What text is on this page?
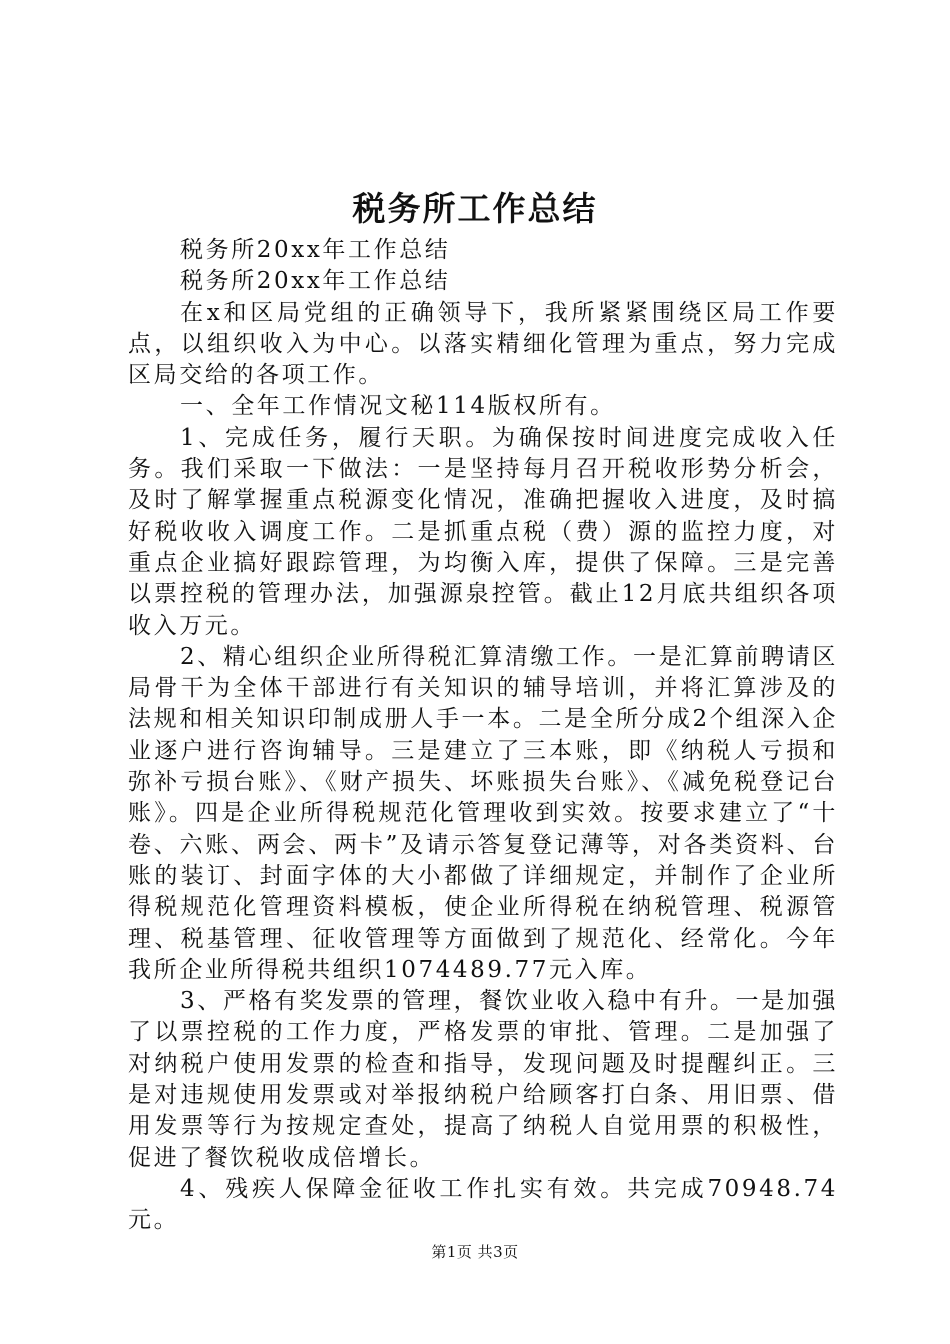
税务所工作总结

税务所20xx年工作总结

税务所20xx年工作总结

在x和区局党组的正确领导下，我所紧紧围绕区局工作要点，以组织收入为中心。以落实精细化管理为重点，努力完成区局交给的各项工作。

一、全年工作情况文秘114版权所有。

1、完成任务，履行天职。为确保按时间进度完成收入任务。我们采取一下做法：一是坚持每月召开税收形势分析会，及时了解掌握重点税源变化情况，准确把握收入进度，及时搞好税收收入调度工作。二是抓重点税（费）源的监控力度，对重点企业搞好跟踪管理，为均衡入库，提供了保障。三是完善以票控税的管理办法，加强源泉控管。截止12月底共组织各项收入万元。

2、精心组织企业所得税汇算清缴工作。一是汇算前聘请区局骨干为全体干部进行有关知识的辅导培训，并将汇算涉及的法规和相关知识印制成册人手一本。二是全所分成2个组深入企业逐户进行咨询辅导。三是建立了三本账，即《纳税人亏损和弥补亏损台账》、《财产损失、坏账损失台账》、《减免税登记台账》。四是企业所得税规范化管理收到实效。按要求建立了“十卷、六账、两会、两卡”及请示答复登记薄等，对各类资料、台账的装订、封面字体的大小都做了详细规定，并制作了企业所得税规范化管理资料模板，使企业所得税在纳税管理、税源管理、税基管理、征收管理等方面做到了规范化、经常化。今年我所企业所得税共组织1074489.77元入库。

3、严格有奖发票的管理，餐饮业收入稳中有升。一是加强了以票控税的工作力度，严格发票的审批、管理。二是加强了对纳税户使用发票的检查和指导，发现问题及时提醒纠正。三是对违规使用发票或对举报纳税户给顾客打白条、用旧票、借用发票等行为按规定查处，提高了纳税人自觉用票的积极性，促进了餐饮税收成倍增长。

4、残疾人保障金征收工作扎实有效。共完成70948.74元。

第1页 共3页
